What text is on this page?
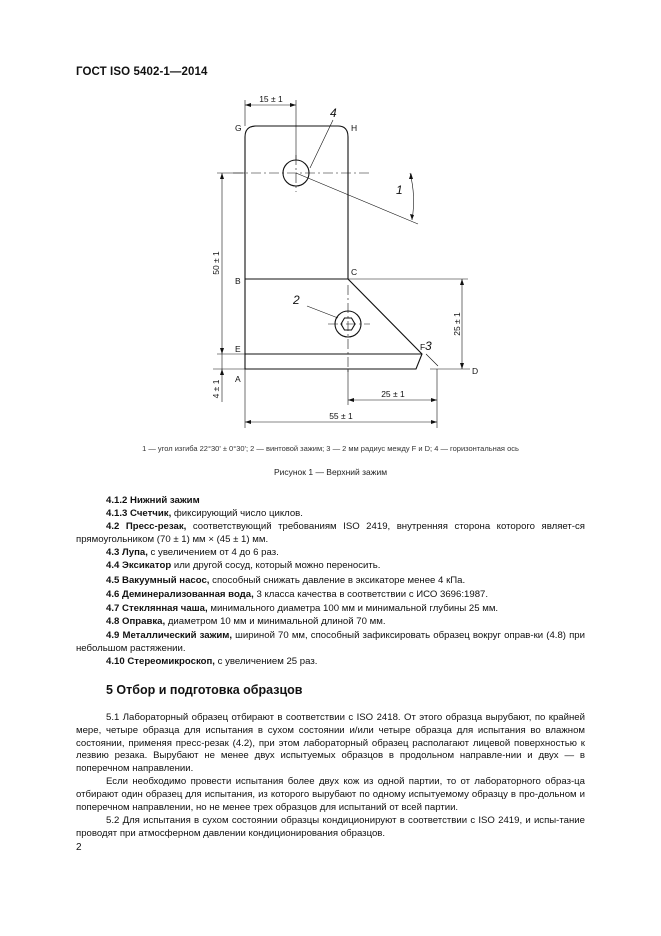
ГОСТ ISO 5402-1—2014
15 ± 1
50 ± 1
4 ± 1
25 ± 1
25 ± 1
55 ± 1
G	H
B
C
E	F
A
D
4
1
2
3
1 — угол изгиба 22°30' ± 0°30'; 2 — винтовой зажим; 3 — 2 мм радиус между F и D; 4 — горизонтальная ось
Рисунок 1 — Верхний зажим
4.1.2 Нижний зажим
4.1.3 Счетчик, фиксирующий число циклов.
4.2 Пресс-резак, соответствующий требованиям ISO 2419, внутренняя сторона которого являет-ся прямоугольником (70 ± 1) мм × (45 ± 1) мм.
4.3 Лупа, с увеличением от 4 до 6 раз.
4.4 Эксикатор или другой сосуд, который можно переносить.
4.5 Вакуумный насос, способный снижать давление в эксикаторе менее 4 кПа.
4.6 Деминерализованная вода, 3 класса качества в соответствии с ИСО 3696:1987.
4.7 Стеклянная чаша, минимального диаметра 100 мм и минимальной глубины 25 мм.
4.8 Оправка, диаметром 10 мм и минимальной длиной 70 мм.
4.9 Металлический зажим, шириной 70 мм, способный зафиксировать образец вокруг оправ-ки (4.8) при небольшом растяжении.
4.10 Стереомикроскоп, с увеличением 25 раз.
5 Отбор и подготовка образцов
5.1 Лабораторный образец отбирают в соответствии с ISO 2418. От этого образца вырубают, по крайней мере, четыре образца для испытания в сухом состоянии и/или четыре образца для испытания во влажном состоянии, применяя пресс-резак (4.2), при этом лабораторный образец располагают лицевой поверхностью к лезвию резака. Вырубают не менее двух испытуемых образцов в продольном направле-нии и двух — в поперечном направлении.
Если необходимо провести испытания более двух кож из одной партии, то от лабораторного образ-ца отбирают один образец для испытания, из которого вырубают по одному испытуемому образцу в про-дольном и поперечном направлении, но не менее трех образцов для испытаний от всей партии.
5.2 Для испытания в сухом состоянии образцы кондиционируют в соответствии с ISO 2419, и испы-тание проводят при атмосферном давлении кондиционирования образцов.
2
